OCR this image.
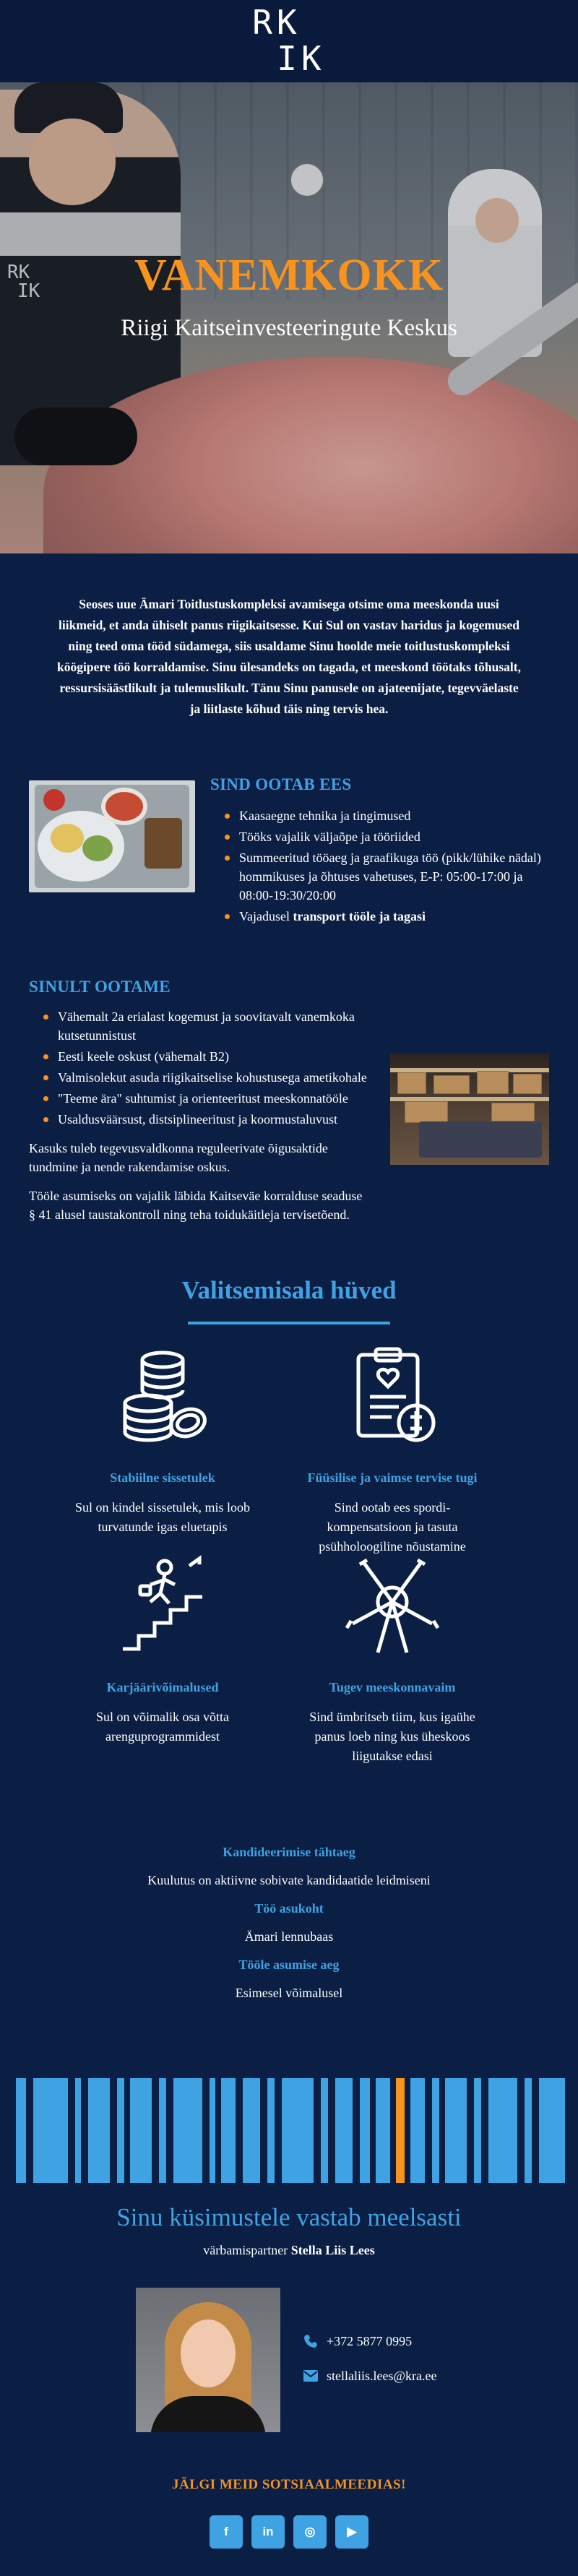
RK
IK
RK
IK	VANEMKOKK
Riigi Kaitseinvesteeringute Keskus

Seoses uue Ämari Toitlustuskompleksi avamisega otsime oma meeskonda uusi liikmeid, et anda ühiselt panus riigikaitsesse. Kui Sul on vastav haridus ja kogemused ning teed oma tööd südamega, siis usaldame Sinu hoolde meie toitlustuskompleksi köögipere töö korraldamise. Sinu ülesandeks on tagada, et meeskond töötaks tõhusalt, ressursisäästlikult ja tulemuslikult. Tänu Sinu panusele on ajateenijate, tegevväelaste ja liitlaste kõhud täis ning tervis hea.

SIND OOTAB EES
Kaasaegne tehnika ja tingimused
Tööks vajalik väljaõpe ja tööriided
Summeeritud tööaeg ja graafikuga töö (pikk/lühike nädal) hommikuses ja õhtuses vahetuses, E-P: 05:00-17:00 ja 08:00-19:30/20:00
Vajadusel transport tööle ja tagasi
SINULT OOTAME
Vähemalt 2a erialast kogemust ja soovitavalt vanemkoka kutsetunnistust
Eesti keele oskust (vähemalt B2)
Valmisolekut asuda riigikaitselise kohustusega ametikohale
"Teeme ära" suhtumist ja orienteeritust meeskonnatööle
Usaldusväärsust, distsiplineeritust ja koormustaluvust

Kasuks tuleb tegevusvaldkonna reguleerivate õigusaktide tundmine ja nende rakendamise oskus.

Tööle asumiseks on vajalik läbida Kaitseväe korralduse seaduse § 41 alusel taustakontroll ning teha toidukäitleja tervisetõend.

Valitsemisala hüved
Stabiilne sissetulek

Sul on kindel sissetulek, mis loob turvatunde igas eluetapis

Füüsilise ja vaimse tervise tugi

Sind ootab ees spordi-kompensatsioon ja tasuta psühholoogiline nõustamine

Karjäärivõimalused

Sul on võimalik osa võtta arenguprogrammidest

Tugev meeskonnavaim

Sind ümbritseb tiim, kus igaühe panus loeb ning kus üheskoos liigutakse edasi

Kandideerimise tähtaeg

Kuulutus on aktiivne sobivate kandidaatide leidmiseni

Töö asukoht

Ämari lennubaas

Tööle asumise aeg

Esimesel võimalusel

Sinu küsimustele vastab meelsasti
värbamispartner Stella Liis Lees
+372 5877 0995
stellaliis.lees@kra.ee
JÄLGI MEID SOTSIAALMEEDIAS!
f	in	◎	▶
